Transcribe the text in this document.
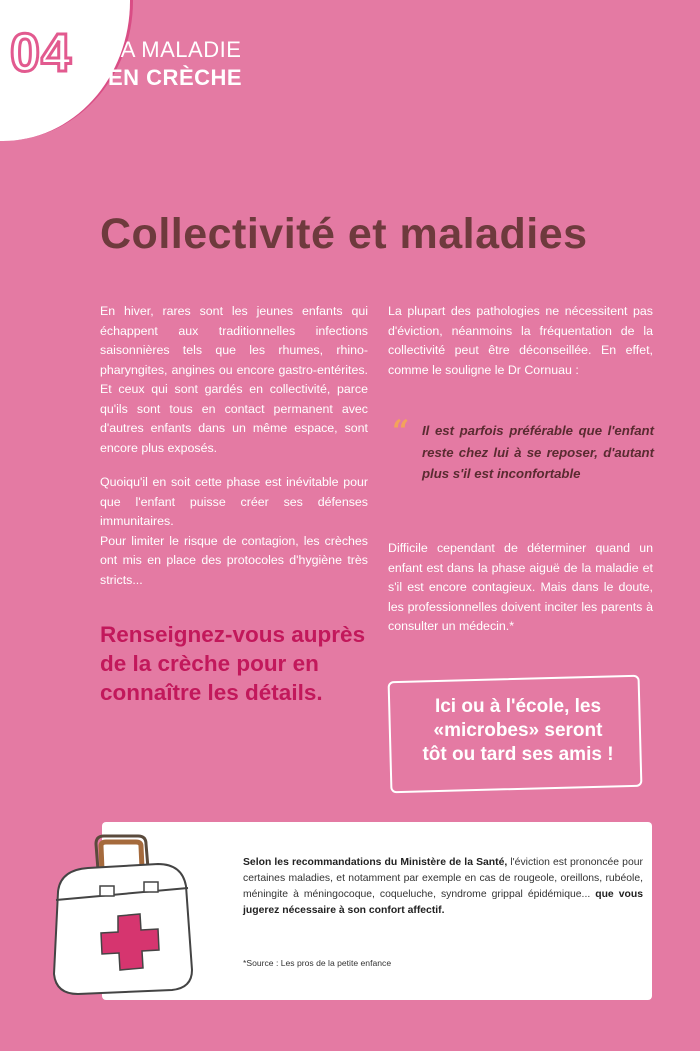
04 LA MALADIE
EN CRÈCHE
Collectivité et maladies

En hiver, rares sont les jeunes enfants qui échappent aux traditionnelles infections saisonnières tels que les rhumes, rhino-pharyngites, angines ou encore gastro-entérites. Et ceux qui sont gardés en collectivité, parce qu'ils sont tous en contact permanent avec d'autres enfants dans un même espace, sont encore plus exposés.

Quoiqu'il en soit cette phase est inévitable pour que l'enfant puisse créer ses défenses immunitaires.

Pour limiter le risque de contagion, les crèches ont mis en place des protocoles d'hygiène très stricts...

Renseignez-vous auprès de la crèche pour en connaître les détails.

La plupart des pathologies ne nécessitent pas d'éviction, néanmoins la fréquentation de la collectivité peut être déconseillée. En effet, comme le souligne le Dr Cornuau :

“ Il est parfois préférable que l'enfant reste chez lui à se reposer, d'autant plus s'il est inconfortable

Difficile cependant de déterminer quand un enfant est dans la phase aiguë de la maladie et s'il est encore contagieux. Mais dans le doute, les professionnelles doivent inciter les parents à consulter un médecin.*

Ici ou à l'école, les
«microbes» seront
tôt ou tard ses amis !
Selon les recommandations du Ministère de la Santé, l'éviction est prononcée pour certaines maladies, et notamment par exemple en cas de rougeole, oreillons, rubéole, méningite à méningocoque, coqueluche, syndrome grippal épidémique... que vous jugerez nécessaire à son confort affectif.
*Source : Les pros de la petite enfance
